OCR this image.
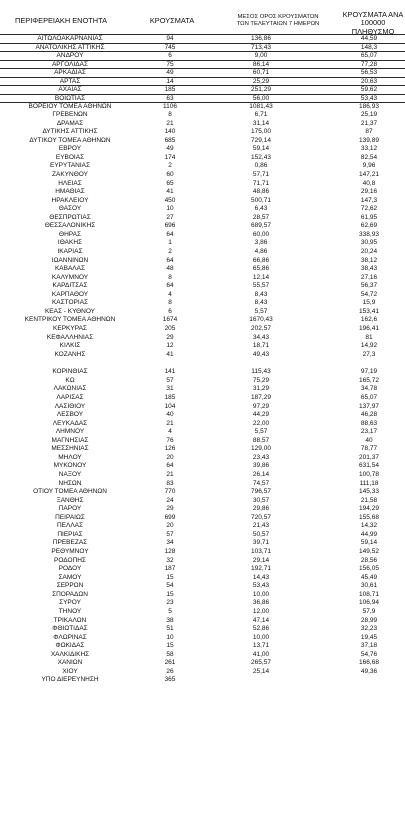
ΠΕΡΙΦΕΡΕΙΑΚΗ ΕΝΟΤΗΤΑ	ΚΡΟΥΣΜΑΤΑ	ΜΕΣΟΣ ΟΡΟΣ ΚΡΟΥΣΜΑΤΩΝ
ΤΩΝ ΤΕΛΕΥΤΑΙΩΝ 7 ΗΜΕΡΩΝ
ΚΡΟΥΣΜΑΤΑ ΑΝΑ 100000
ΠΛΗΘΥΣΜΟ
ΑΙΤΩΛΟΑΚΑΡΝΑΝΙΑΣ	94	136,86	44,59
ΑΝΑΤΟΛΙΚΗΣ ΑΤΤΙΚΗΣ	745	713,43	148,3
ΑΝΔΡΟΥ	6	9,00	65,07
ΑΡΓΟΛΙΔΑΣ	75	86,14	77,28
ΑΡΚΑΔΙΑΣ	49	60,71	56,53
ΑΡΤΑΣ	14	25,29	20,63
ΑΧΑΪΑΣ	185	251,29	59,62
ΒΟΙΩΤΙΑΣ	63	56,00	53,43
ΒΟΡΕΙΟΥ ΤΟΜΕΑ ΑΘΗΝΩΝ	1106	1081,43	186,93
ΓΡΕΒΕΝΩΝ	8	6,71	25,19
ΔΡΑΜΑΣ	21	31,14	21,37
ΔΥΤΙΚΗΣ ΑΤΤΙΚΗΣ	140	175,00	87
ΔΥΤΙΚΟΥ ΤΟΜΕΑ ΑΘΗΝΩΝ	685	729,14	139,89
ΕΒΡΟΥ	49	59,14	33,12
ΕΥΒΟΙΑΣ	174	152,43	82,54
ΕΥΡΥΤΑΝΙΑΣ	2	0,86	9,96
ΖΑΚΥΝΘΟΥ	60	57,71	147,21
ΗΛΕΙΑΣ	65	71,71	40,8
ΗΜΑΘΙΑΣ	41	48,86	29,16
ΗΡΑΚΛΕΙΟΥ	450	500,71	147,3
ΘΑΣΟΥ	10	6,43	72,62
ΘΕΣΠΡΩΤΙΑΣ	27	28,57	61,95
ΘΕΣΣΑΛΟΝΙΚΗΣ	696	689,57	62,69
ΘΗΡΑΣ	64	60,00	338,93
ΙΘΑΚΗΣ	1	3,86	30,95
ΙΚΑΡΙΑΣ	2	4,86	20,24
ΙΩΑΝΝΙΝΩΝ	64	66,86	38,12
ΚΑΒΑΛΑΣ	48	65,86	38,43
ΚΑΛΥΜΝΟΥ	8	12,14	27,16
ΚΑΡΔΙΤΣΑΣ	64	55,57	56,37
ΚΑΡΠΑΘΟΥ	4	8,43	54,72
ΚΑΣΤΟΡΙΑΣ	8	8,43	15,9
ΚΕΑΣ - ΚΥΘΝΟΥ	6	5,57	153,41
ΚΕΝΤΡΙΚΟΥ ΤΟΜΕΑ ΑΘΗΝΩΝ	1674	1670,43	162,6
ΚΕΡΚΥΡΑΣ	205	202,57	196,41
ΚΕΦΑΛΛΗΝΙΑΣ	29	34,43	81
ΚΙΛΚΙΣ	12	18,71	14,92
ΚΟΖΑΝΗΣ	41	49,43	27,3
ΚΟΡΙΝΘΙΑΣ	141	115,43	97,19
ΚΩ	57	75,29	165,72
ΛΑΚΩΝΙΑΣ	31	31,29	34,78
ΛΑΡΙΣΑΣ	185	187,29	65,07
ΛΑΣΙΘΙΟΥ	104	97,29	137,97
ΛΕΣΒΟΥ	40	44,29	46,28
ΛΕΥΚΑΔΑΣ	21	22,00	88,63
ΛΗΜΝΟΥ	4	5,57	23,17
ΜΑΓΝΗΣΙΑΣ	76	88,57	40
ΜΕΣΣΗΝΙΑΣ	126	129,00	78,77
ΜΗΛΟΥ	20	23,43	201,37
ΜΥΚΟΝΟΥ	64	39,86	631,54
ΝΑΞΟΥ	21	26,14	100,78
ΝΗΣΩΝ	83	74,57	111,18
ΟΤΙΟΥ ΤΟΜΕΑ ΑΘΗΝΩΝ	770	796,57	145,33
ΞΑΝΘΗΣ	24	30,57	21,58
ΠΑΡΟΥ	29	29,86	194,29
ΠΕΙΡΑΙΩΣ	699	720,57	155,68
ΠΕΛΛΑΣ	20	21,43	14,32
ΠΙΕΡΙΑΣ	57	50,57	44,99
ΠΡΕΒΕΖΑΣ	34	39,71	59,14
ΡΕΘΥΜΝΟΥ	128	103,71	149,52
ΡΟΔΟΠΗΣ	32	29,14	28,56
ΡΟΔΟΥ	187	192,71	156,05
ΣΑΜΟΥ	15	14,43	45,49
ΣΕΡΡΩΝ	54	53,43	30,61
ΣΠΟΡΑΔΩΝ	15	10,00	108,71
ΣΥΡΟΥ	23	36,86	106,94
ΤΗΝΟΥ	5	12,00	57,9
ΤΡΙΚΑΛΩΝ	38	47,14	28,99
ΦΘΙΩΤΙΔΑΣ	51	52,86	32,23
ΦΛΩΡΙΝΑΣ	10	10,00	19,45
ΦΩΚΙΔΑΣ	15	13,71	37,18
ΧΑΛΚΙΔΙΚΗΣ	58	41,00	54,76
ΧΑΝΙΩΝ	261	265,57	166,68
ΧΙΟΥ	26	25,14	49,36
ΥΠΟ ΔΙΕΡΕΥΝΗΣΗ	365
